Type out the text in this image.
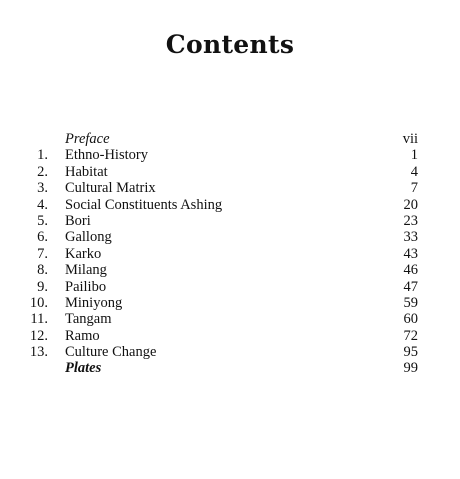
Contents
Preface	vii
1. Ethno-History	1
2. Habitat	4
3. Cultural Matrix	7
4. Social Constituents Ashing	20
5. Bori	23
6. Gallong	33
7. Karko	43
8. Milang	46
9. Pailibo	47
10. Miniyong	59
11. Tangam	60
12. Ramo	72
13. Culture Change	95
Plates	99
